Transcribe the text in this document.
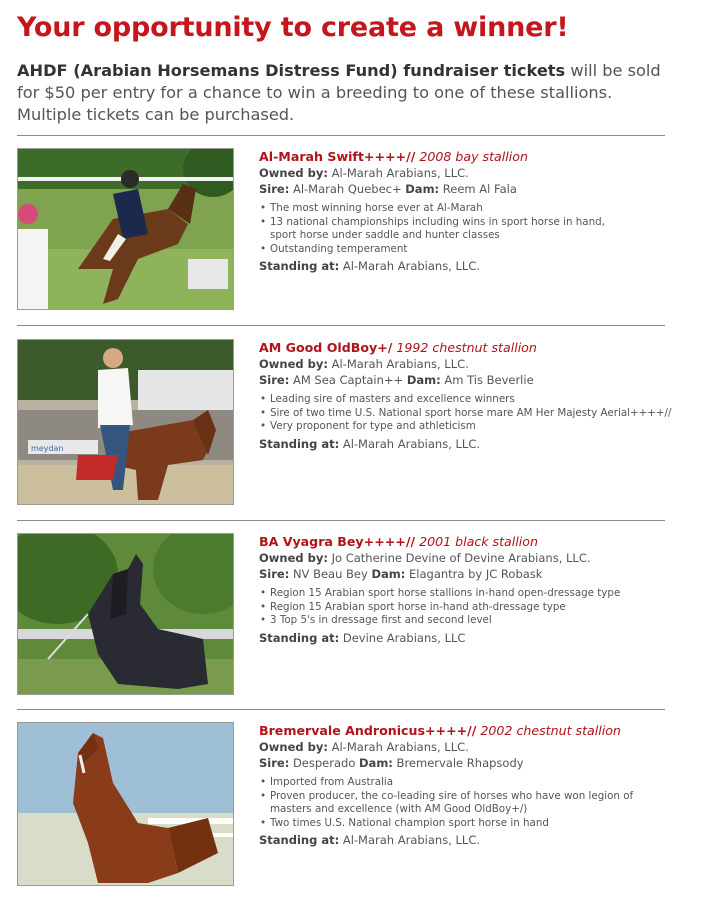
Your opportunity to create a winner!
AHDF (Arabian Horsemans Distress Fund) fundraiser tickets will be sold for $50 per entry for a chance to win a breeding to one of these stallions. Multiple tickets can be purchased.
Al-Marah Swift++++// 2008 bay stallion
Owned by: Al-Marah Arabians, LLC.
Sire: Al-Marah Quebec+ Dam: Reem Al Fala
• The most winning horse ever at Al-Marah
• 13 national championships including wins in sport horse in hand, sport horse under saddle and hunter classes
• Outstanding temperament
Standing at: Al-Marah Arabians, LLC.
meydan
AM Good OldBoy+/ 1992 chestnut stallion
Owned by: Al-Marah Arabians, LLC.
Sire: AM Sea Captain++ Dam: Am Tis Beverlie
• Leading sire of masters and excellence winners
• Sire of two time U.S. National sport horse mare AM Her Majesty Aerial++++//
• Very proponent for type and athleticism
Standing at: Al-Marah Arabians, LLC.
BA Vyagra Bey++++// 2001 black stallion
Owned by: Jo Catherine Devine of Devine Arabians, LLC.
Sire: NV Beau Bey Dam: Elagantra by JC Robask
• Region 15 Arabian sport horse stallions in-hand open-dressage type
• Region 15 Arabian sport horse in-hand ath-dressage type
• 3 Top 5's in dressage first and second level
Standing at: Devine Arabians, LLC
Bremervale Andronicus++++// 2002 chestnut stallion
Owned by: Al-Marah Arabians, LLC.
Sire: Desperado Dam: Bremervale Rhapsody
• Imported from Australia
• Proven producer, the co-leading sire of horses who have won legion of masters and excellence (with AM Good OldBoy+/)
• Two times U.S. National champion sport horse in hand
Standing at: Al-Marah Arabians, LLC.
